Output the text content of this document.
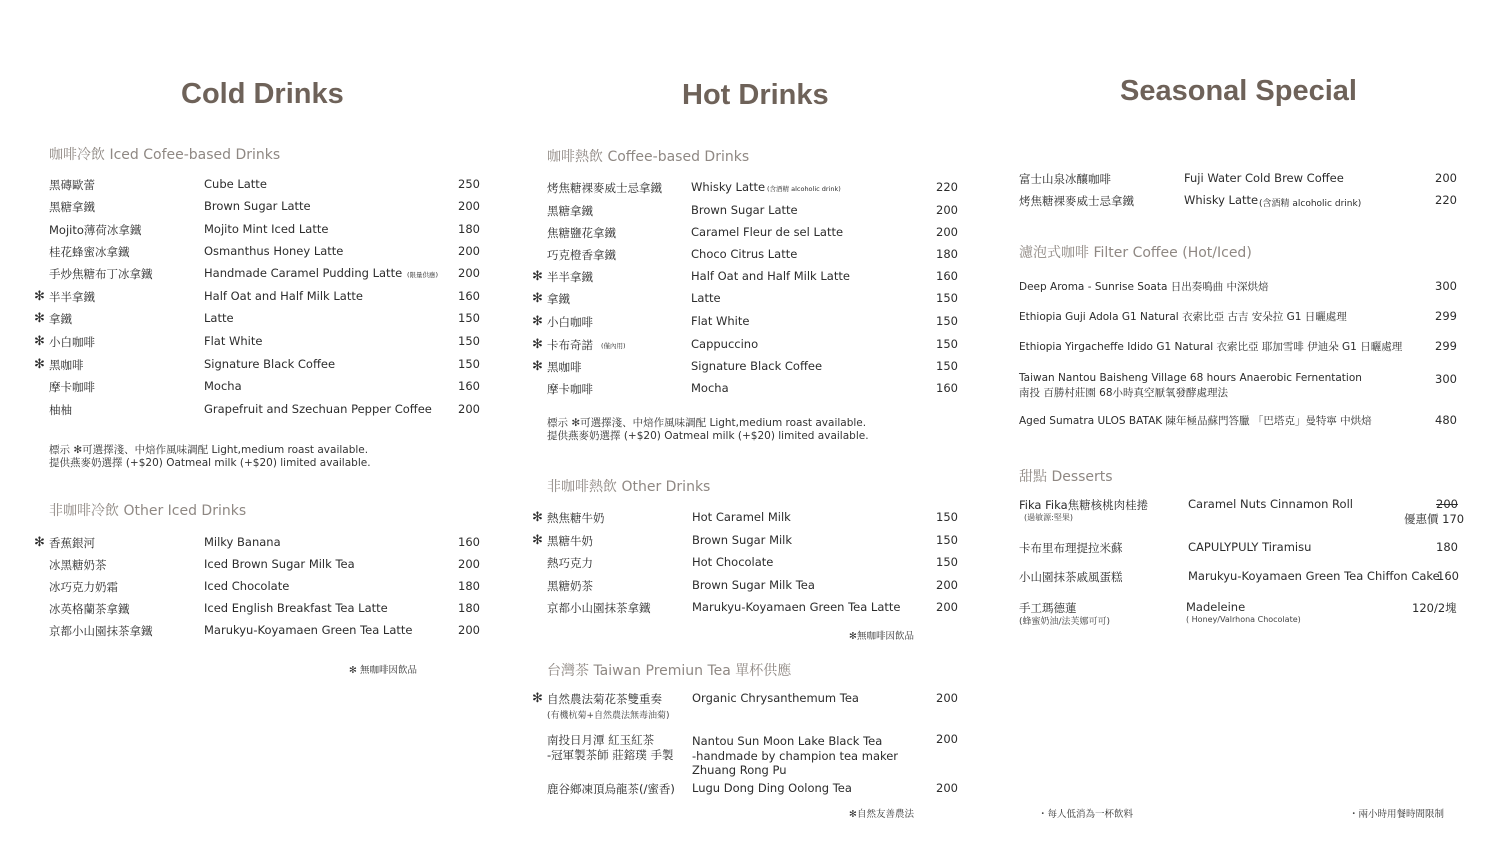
Cold Drinks
咖啡冷飲 Iced Cofee-based Drinks
黑磚歐蕾	Cube Latte	250
黑糖拿鐵	Brown Sugar Latte	200
Mojito薄荷冰拿鐵	Mojito Mint Iced Latte	180
桂花蜂蜜冰拿鐵	Osmanthus Honey Latte	200
手炒焦糖布丁冰拿鐵	Handmade Caramel Pudding Latte (限量供應) 200
✻ 半半拿鐵	Half Oat and Half Milk Latte	160
✻ 拿鐵	Latte	150
✻ 小白咖啡	Flat White	150
✻ 黑咖啡	Signature Black Coffee	150
摩卡咖啡	Mocha	160
柚柚	Grapefruit and Szechuan Pepper Coffee 200
標示 ✻可選擇淺、中焙作風味調配 Light,medium roast available.
提供燕麥奶選擇 (+$20) Oatmeal milk (+$20) limited available.
非咖啡冷飲 Other Iced Drinks
✻ 香蕉銀河	Milky Banana	160
冰黑糖奶茶	Iced Brown Sugar Milk Tea	200
冰巧克力奶霜	Iced Chocolate	180
冰英格蘭茶拿鐵	Iced English Breakfast Tea Latte	180
京都小山園抹茶拿鐵	Marukyu-Koyamaen Green Tea Latte	200
✻ 無咖啡因飲品
Hot Drinks
咖啡熱飲 Coffee-based Drinks
烤焦糖裸麥威士忌拿鐵	Whisky Latte (含酒精 alcoholic drink)	220
黑糖拿鐵	Brown Sugar Latte	200
焦糖鹽花拿鐵	Caramel Fleur de sel Latte	200
巧克橙香拿鐵	Choco Citrus Latte	180
✻ 半半拿鐵	Half Oat and Half Milk Latte	160
✻ 拿鐵	Latte	150
✻ 小白咖啡	Flat White	150
✻ 卡布奇諾 (僅內用)	Cappuccino	150
✻ 黑咖啡	Signature Black Coffee	150
摩卡咖啡	Mocha	160
標示 ✻可選擇淺、中焙作風味調配 Light,medium roast available.
提供燕麥奶選擇 (+$20) Oatmeal milk (+$20) limited available.
非咖啡熱飲 Other Drinks
✻ 熱焦糖牛奶	Hot Caramel Milk	150
✻ 黑糖牛奶	Brown Sugar Milk	150
熱巧克力	Hot Chocolate	150
黑糖奶茶	Brown Sugar Milk Tea	200
京都小山園抹茶拿鐵	Marukyu-Koyamaen Green Tea Latte	200
✻無咖啡因飲品
台灣茶 Taiwan Premiun Tea 單杯供應
✻ 自然農法菊花茶雙重奏	Organic Chrysanthemum Tea	200
(有機杭菊+自然農法無毒油菊)
南投日月潭 紅玉紅茶	Nantou Sun Moon Lake Black Tea	200
-冠軍製茶師 莊鎔璞 手製 -handmade by champion tea maker
Zhuang Rong Pu
鹿谷鄉凍頂烏龍茶(/蜜香) Lugu Dong Ding Oolong Tea	200
✻自然友善農法
Seasonal Special
富士山泉冰釀咖啡	Fuji Water Cold Brew Coffee	200
烤焦糖裸麥威士忌拿鐵	Whisky Latte (含酒精 alcoholic drink)	220
濾泡式咖啡 Filter Coffee (Hot/Iced)
Deep Aroma - Sunrise Soata 日出奏鳴曲 中深烘焙	300
Ethiopia Guji Adola G1 Natural 衣索比亞 古吉 安朵拉 G1 日曬處理	299
Ethiopia Yirgacheffe Idido G1 Natural 衣索比亞 耶加雪啡 伊迪朵 G1 日曬處理	299
Taiwan Nantou Baisheng Village 68 hours Anaerobic Fernentation	300
南投 百勝村莊園 68小時真空厭氧發酵處理法
Aged Sumatra ULOS BATAK 陳年極品蘇門答臘 「巴塔克」曼特寧 中烘焙	480
甜點 Desserts
Fika Fika焦糖核桃肉桂捲	Caramel Nuts Cinnamon Roll	200
(過敏源:堅果)	優惠價 170
卡布里布理提拉米蘇	CAPULYPULY Tiramisu	180
小山園抹茶戚風蛋糕	Marukyu-Koyamaen Green Tea Chiffon Cake
160
手工瑪德蓮	Madeleine	120/2塊
(蜂蜜奶油/法芙娜可可)	( Honey/Valrhona Chocolate)
・每人低消為一杯飲料	・兩小時用餐時間限制
